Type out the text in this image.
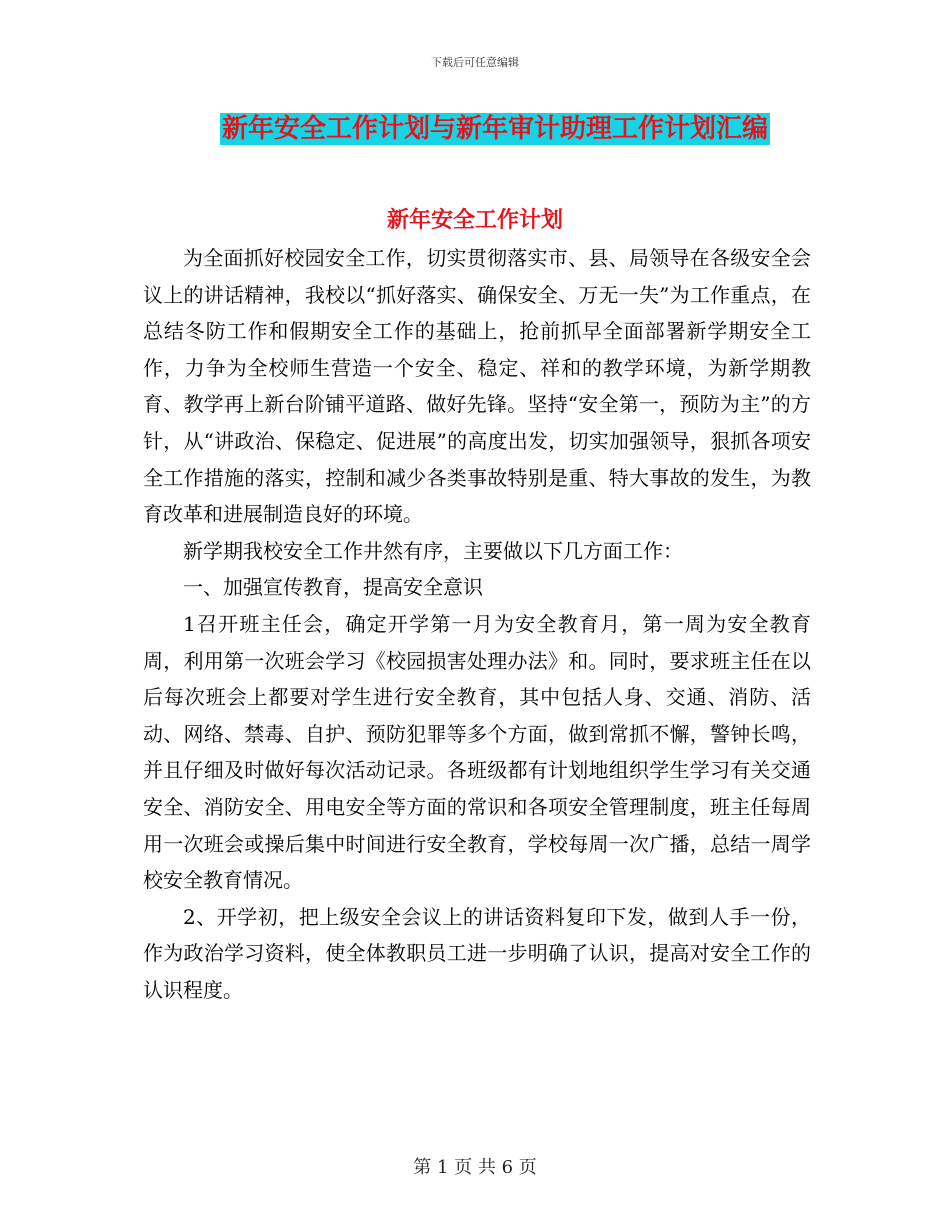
下载后可任意编辑
新年安全工作计划与新年审计助理工作计划汇编
新年安全工作计划

为全面抓好校园安全工作，切实贯彻落实市、县、局领导在各级安全会议上的讲话精神，我校以“抓好落实、确保安全、万无一失”为工作重点，在总结冬防工作和假期安全工作的基础上，抢前抓早全面部署新学期安全工作，力争为全校师生营造一个安全、稳定、祥和的教学环境，为新学期教育、教学再上新台阶铺平道路、做好先锋。坚持“安全第一，预防为主”的方针，从“讲政治、保稳定、促进展”的高度出发，切实加强领导，狠抓各项安全工作措施的落实，控制和减少各类事故特别是重、特大事故的发生，为教育改革和进展制造良好的环境。

新学期我校安全工作井然有序，主要做以下几方面工作：

一、加强宣传教育，提高安全意识

1召开班主任会，确定开学第一月为安全教育月，第一周为安全教育周，利用第一次班会学习《校园损害处理办法》和。同时，要求班主任在以后每次班会上都要对学生进行安全教育，其中包括人身、交通、消防、活动、网络、禁毒、自护、预防犯罪等多个方面，做到常抓不懈，警钟长鸣，并且仔细及时做好每次活动记录。各班级都有计划地组织学生学习有关交通安全、消防安全、用电安全等方面的常识和各项安全管理制度，班主任每周用一次班会或操后集中时间进行安全教育，学校每周一次广播，总结一周学校安全教育情况。

2、开学初，把上级安全会议上的讲话资料复印下发，做到人手一份，作为政治学习资料，使全体教职员工进一步明确了认识，提高对安全工作的认识程度。

第 1 页 共 6 页
